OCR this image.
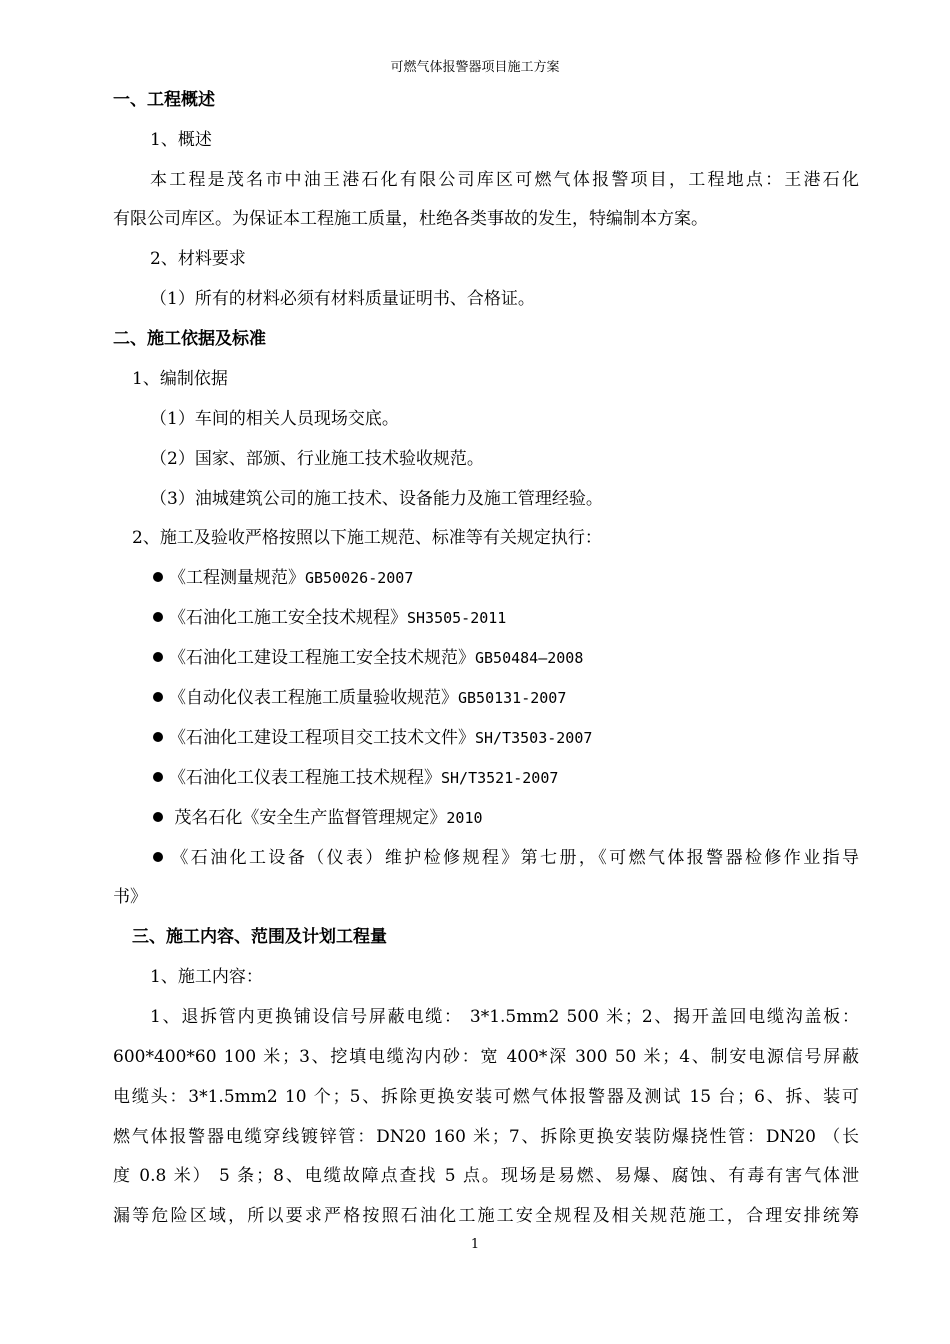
可燃气体报警器项目施工方案
一、工程概述
1、概述
本工程是茂名市中油王港石化有限公司库区可燃气体报警项目，工程地点：王港石化
有限公司库区。为保证本工程施工质量，杜绝各类事故的发生，特编制本方案。
2、材料要求
（1）所有的材料必须有材料质量证明书、合格证。
二、施工依据及标准
1、编制依据
（1）车间的相关人员现场交底。
（2）国家、部颁、行业施工技术验收规范。
（3）油城建筑公司的施工技术、设备能力及施工管理经验。
2、施工及验收严格按照以下施工规范、标准等有关规定执行：
《工程测量规范》GB50026-2007
《石油化工施工安全技术规程》SH3505-2011
《石油化工建设工程施工安全技术规范》GB50484—2008
《自动化仪表工程施工质量验收规范》GB50131-2007
《石油化工建设工程项目交工技术文件》SH/T3503-2007
《石油化工仪表工程施工技术规程》SH/T3521-2007
茂名石化《安全生产监督管理规定》2010
《石油化工设备（仪表）维护检修规程》第七册，《可燃气体报警器检修作业指导
书》
三、施工内容、范围及计划工程量
1、施工内容：
1、退拆管内更换铺设信号屏蔽电缆： 3*1.5mm2 500 米；2、揭开盖回电缆沟盖板：
600*400*60 100 米；3、挖填电缆沟内砂：宽 400*深 300 50 米；4、制安电源信号屏蔽
电缆头：3*1.5mm2 10 个；5、拆除更换安装可燃气体报警器及测试 15 台；6、拆、装可
燃气体报警器电缆穿线镀锌管：DN20 160 米；7、拆除更换安装防爆挠性管：DN20 （长
度 0.8 米） 5 条；8、电缆故障点查找 5 点。现场是易燃、易爆、腐蚀、有毒有害气体泄
漏等危险区域，所以要求严格按照石油化工施工安全规程及相关规范施工，合理安排统筹
1
